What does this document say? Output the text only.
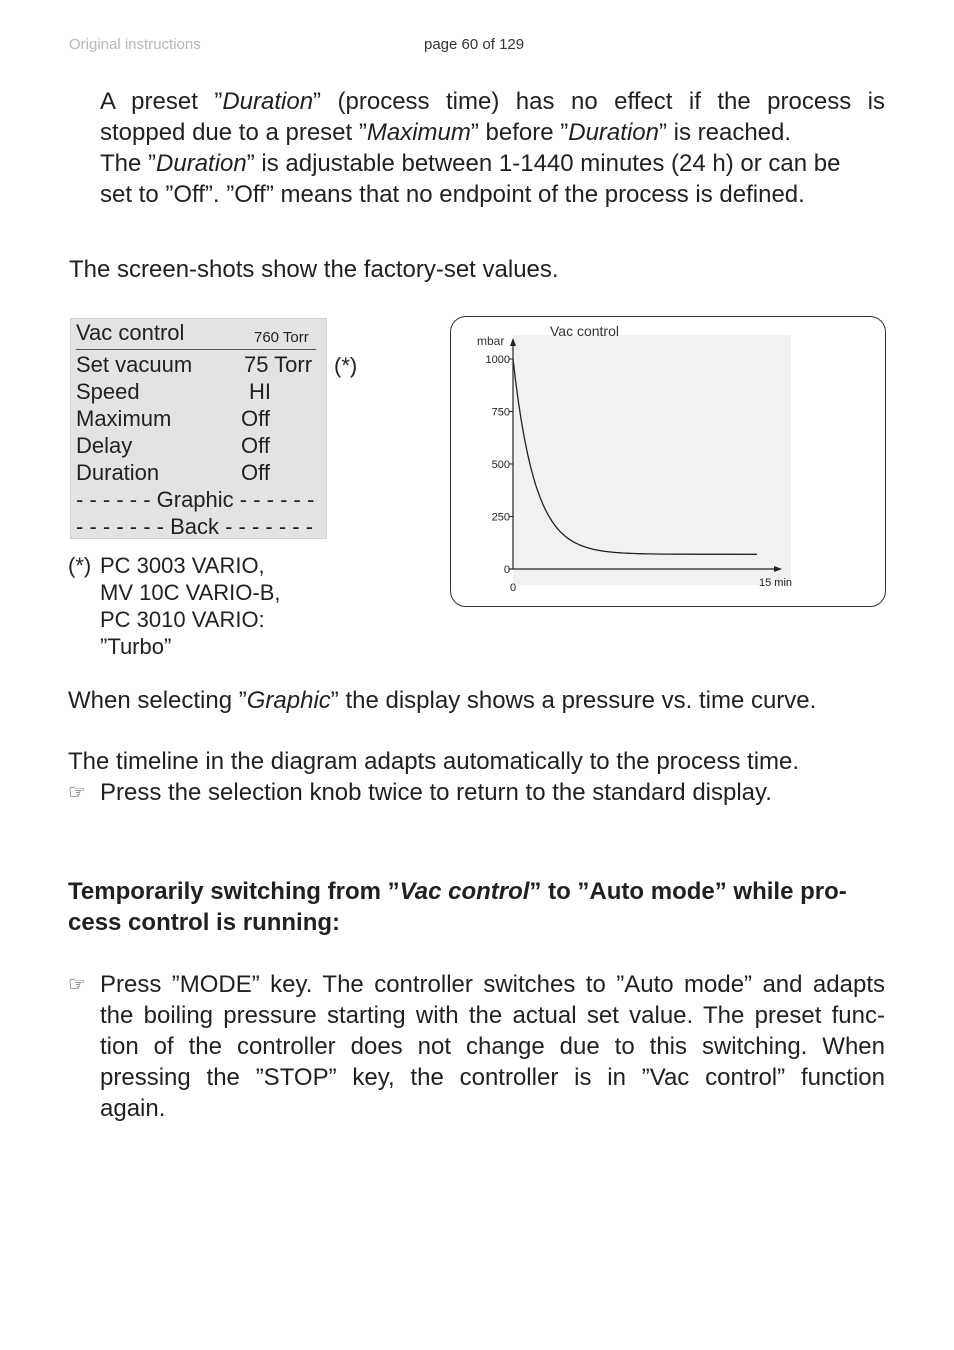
Original instructions	page 60 of 129
A preset ”Duration” (process time) has no effect if the process is
stopped due to a preset ”Maximum” before ”Duration” is reached.
The ”Duration” is adjustable between 1-1440 minutes (24 h) or can be
set to ”Off”. ”Off” means that no endpoint of the process is defined.
The screen-shots show the factory-set values.
Vac control	760 Torr
Set vacuum 75 Torr
Speed	HI
Maximum	Off
Delay	Off
Duration	Off
- - - - - - Graphic - - - - - -
- - - - - - - Back - - - - - - -
(*)
(*) PC 3003 VARIO,
MV 10C VARIO-B,
PC 3010 VARIO:
”Turbo”
Vac control
mbar
1000
750
500
250
0
0	15 min
When selecting ”Graphic” the display shows a pressure vs. time curve.
The timeline in the diagram adapts automatically to the process time.
☞ Press the selection knob twice to return to the standard display.
Temporarily switching from ”Vac control” to ”Auto mode” while pro-
cess control is running:
☞ Press ”MODE” key. The controller switches to ”Auto mode” and adapts
the boiling pressure starting with the actual set value. The preset func-
tion of the controller does not change due to this switching. When
pressing the ”STOP” key, the controller is in ”Vac control” function
again.
